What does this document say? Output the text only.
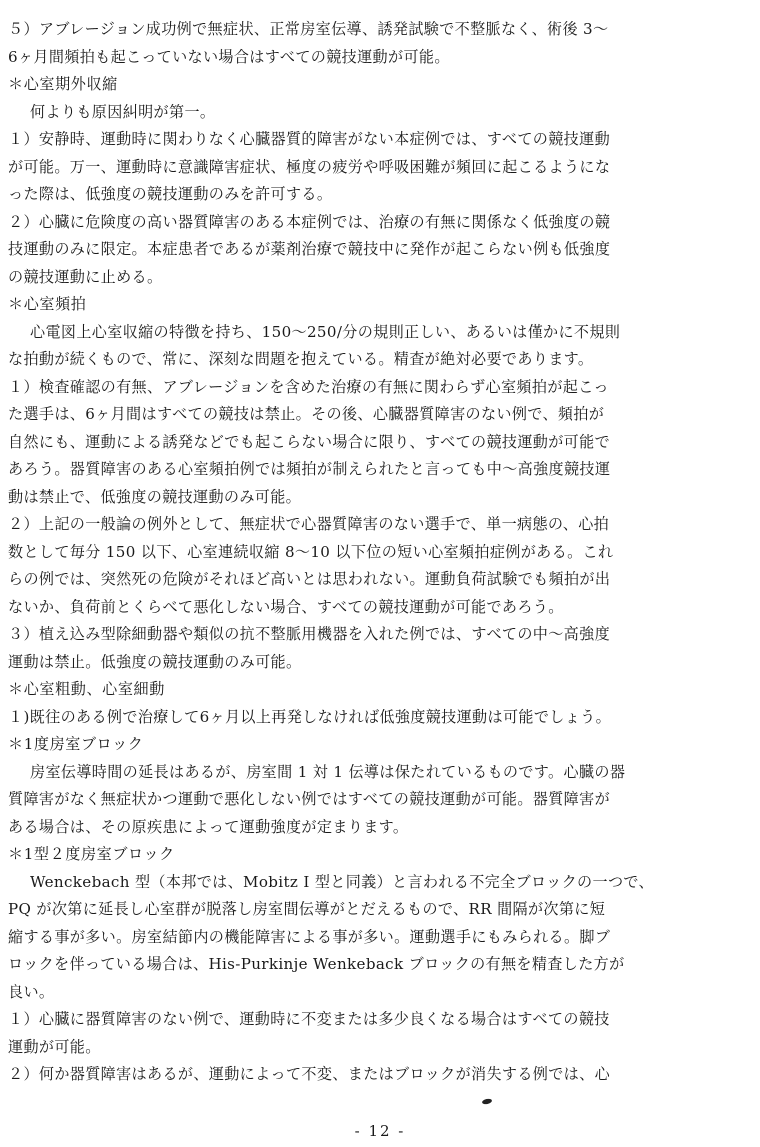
５）アブレージョン成功例で無症状、正常房室伝導、誘発試験で不整脈なく、術後 3〜
6ヶ月間頻拍も起こっていない場合はすべての競技運動が可能。
＊心室期外収縮
何よりも原因糾明が第一。
１）安静時、運動時に関わりなく心臓器質的障害がない本症例では、すべての競技運動
が可能。万一、運動時に意識障害症状、極度の疲労や呼吸困難が頻回に起こるようにな
った際は、低強度の競技運動のみを許可する。
２）心臓に危険度の高い器質障害のある本症例では、治療の有無に関係なく低強度の競
技運動のみに限定。本症患者であるが薬剤治療で競技中に発作が起こらない例も低強度
の競技運動に止める。
＊心室頻拍
心電図上心室収縮の特徴を持ち、150〜250/分の規則正しい、あるいは僅かに不規則
な拍動が続くもので、常に、深刻な問題を抱えている。精査が絶対必要であります。
１）検査確認の有無、アブレージョンを含めた治療の有無に関わらず心室頻拍が起こっ
た選手は、6ヶ月間はすべての競技は禁止。その後、心臓器質障害のない例で、頻拍が
自然にも、運動による誘発などでも起こらない場合に限り、すべての競技運動が可能で
あろう。器質障害のある心室頻拍例では頻拍が制えられたと言っても中〜高強度競技運
動は禁止で、低強度の競技運動のみ可能。
２）上記の一般論の例外として、無症状で心器質障害のない選手で、単一病態の、心拍
数として毎分 150 以下、心室連続収縮 8〜10 以下位の短い心室頻拍症例がある。これ
らの例では、突然死の危険がそれほど高いとは思われない。運動負荷試験でも頻拍が出
ないか、負荷前とくらべて悪化しない場合、すべての競技運動が可能であろう。
３）植え込み型除細動器や類似の抗不整脈用機器を入れた例では、すべての中〜高強度
運動は禁止。低強度の競技運動のみ可能。
＊心室粗動、心室細動
１)既往のある例で治療して6ヶ月以上再発しなければ低強度競技運動は可能でしょう。
＊1度房室ブロック
房室伝導時間の延長はあるが、房室間 1 対 1 伝導は保たれているものです。心臓の器
質障害がなく無症状かつ運動で悪化しない例ではすべての競技運動が可能。器質障害が
ある場合は、その原疾患によって運動強度が定まります。
＊1型２度房室ブロック
Wenckebach 型（本邦では、Mobitz I 型と同義）と言われる不完全ブロックの一つで、
PQ が次第に延長し心室群が脱落し房室間伝導がとだえるもので、RR 間隔が次第に短
縮する事が多い。房室結節内の機能障害による事が多い。運動選手にもみられる。脚ブ
ロックを伴っている場合は、His-Purkinje Wenkeback ブロックの有無を精査した方が
良い。
１）心臓に器質障害のない例で、運動時に不変または多少良くなる場合はすべての競技
運動が可能。
２）何か器質障害はあるが、運動によって不変、またはブロックが消失する例では、心
- 12 -
